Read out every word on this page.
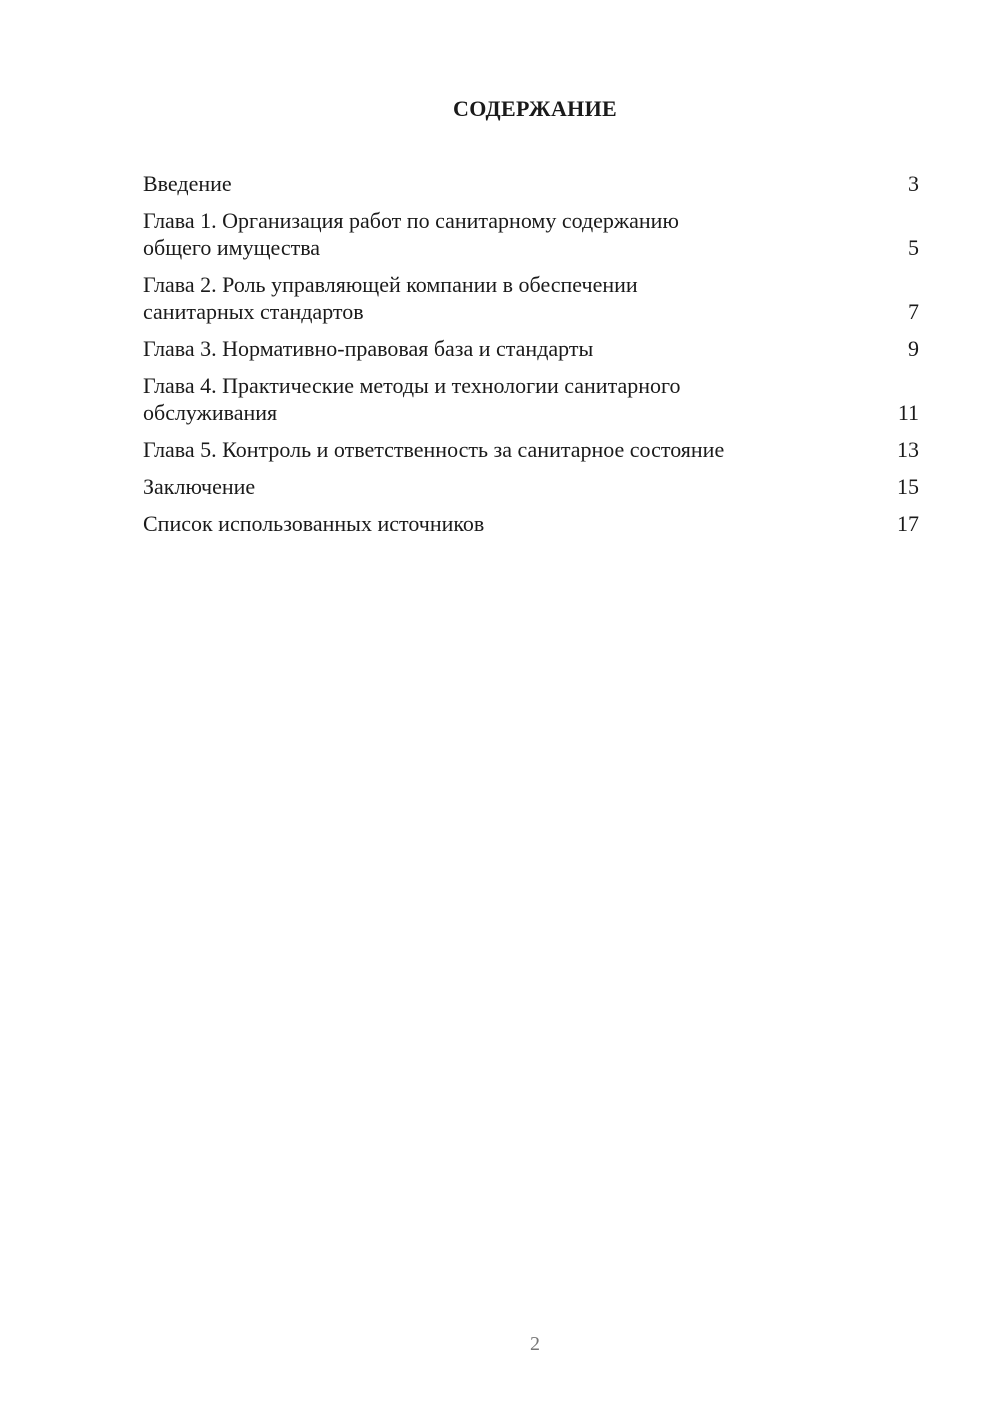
СОДЕРЖАНИЕ
Введение	3
Глава 1. Организация работ по санитарному содержанию
общего имущества	5
Глава 2. Роль управляющей компании в обеспечении
санитарных стандартов	7
Глава 3. Нормативно-правовая база и стандарты	9
Глава 4. Практические методы и технологии санитарного
обслуживания	11
Глава 5. Контроль и ответственность за санитарное состояние	13
Заключение	15
Список использованных источников	17
2
